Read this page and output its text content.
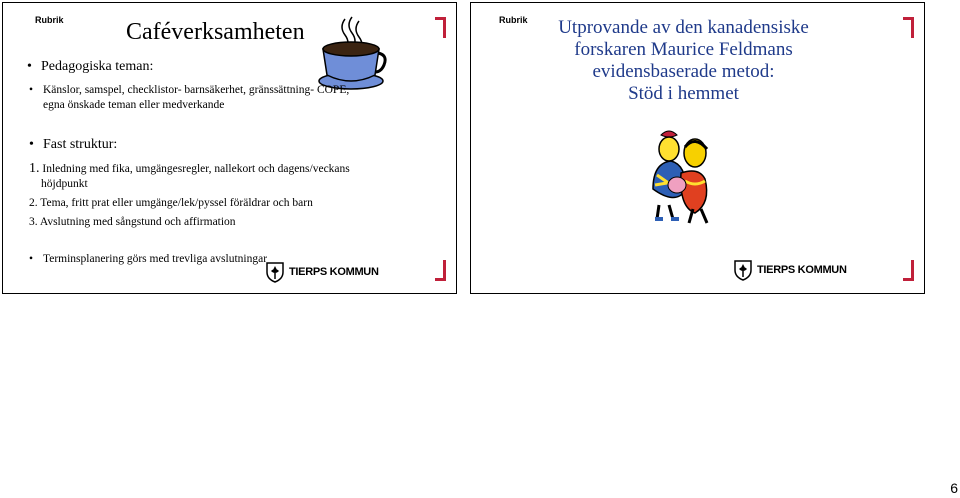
Rubrik	Caféverksamheten
Pedagogiska teman:
• Känslor, samspel, checklistor- barnsäkerhet, gränssättning- COPE,
egna önskade teman eller medverkande
• Fast struktur:
1. Inledning med fika, umgängesregler, nallekort och dagens/veckans
höjdpunkt
2. Tema, fritt prat eller umgänge/lek/pyssel föräldrar och barn
3. Avslutning med sångstund och affirmation
• Terminsplanering görs med trevliga avslutningar
TIERPS KOMMUN
Rubrik	Utprovande av den kanadensiske
forskaren Maurice Feldmans
evidensbaserade metod:
Stöd i hemmet
TIERPS KOMMUN
6
